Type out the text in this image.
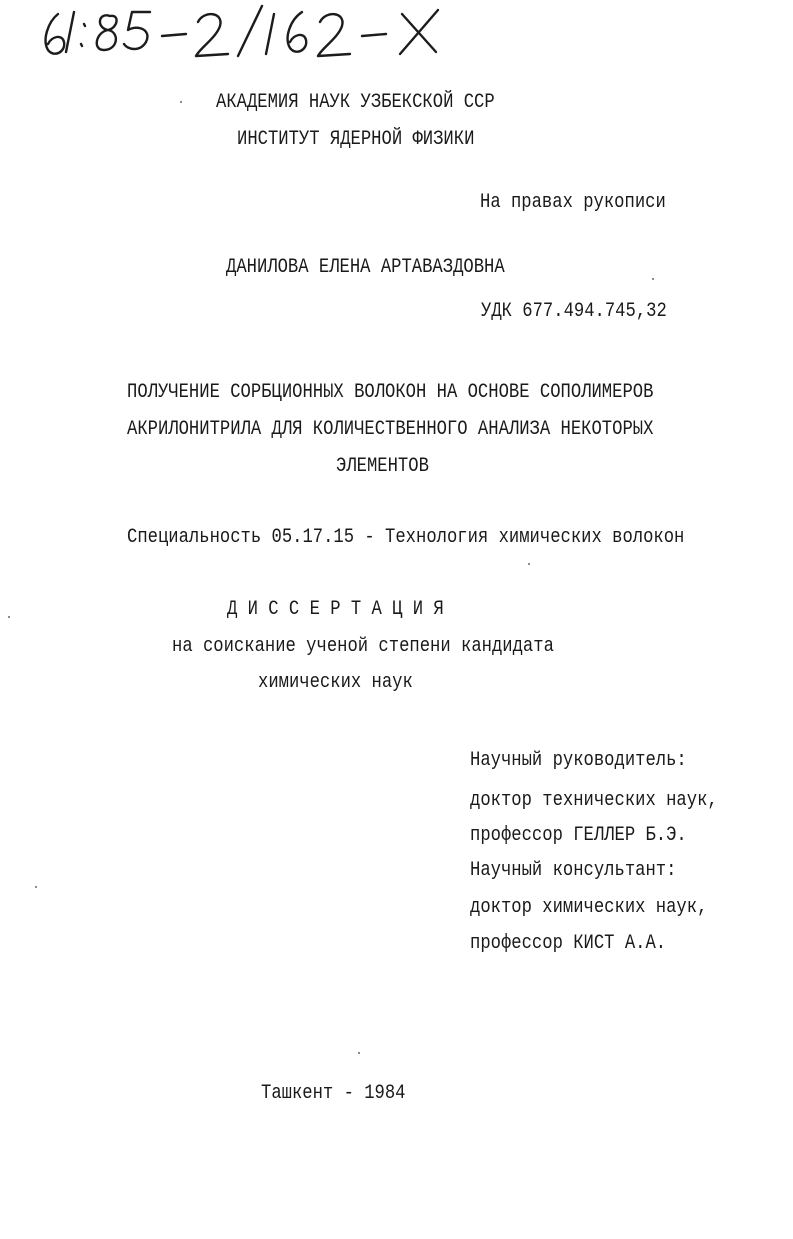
АКАДЕМИЯ НАУК УЗБЕКСКОЙ ССР
ИНСТИТУТ ЯДЕРНОЙ ФИЗИКИ
На правах рукописи
ДАНИЛОВА ЕЛЕНА АРТАВАЗДОВНА
УДК 677.494.745,32
ПОЛУЧЕНИЕ СОРБЦИОННЫХ ВОЛОКОН НА ОСНОВЕ СОПОЛИМЕРОВ
АКРИЛОНИТРИЛА ДЛЯ КОЛИЧЕСТВЕННОГО АНАЛИЗА НЕКОТОРЫХ
ЭЛЕМЕНТОВ
Специальность 05.17.15 - Технология химических волокон
Д И С С Е Р Т А Ц И Я
на соискание ученой степени кандидата
химических наук
Научный руководитель:
доктор технических наук,
профессор ГЕЛЛЕР Б.Э.
Научный консультант:
доктор химических наук,
профессор КИСТ А.А.
Ташкент - 1984
